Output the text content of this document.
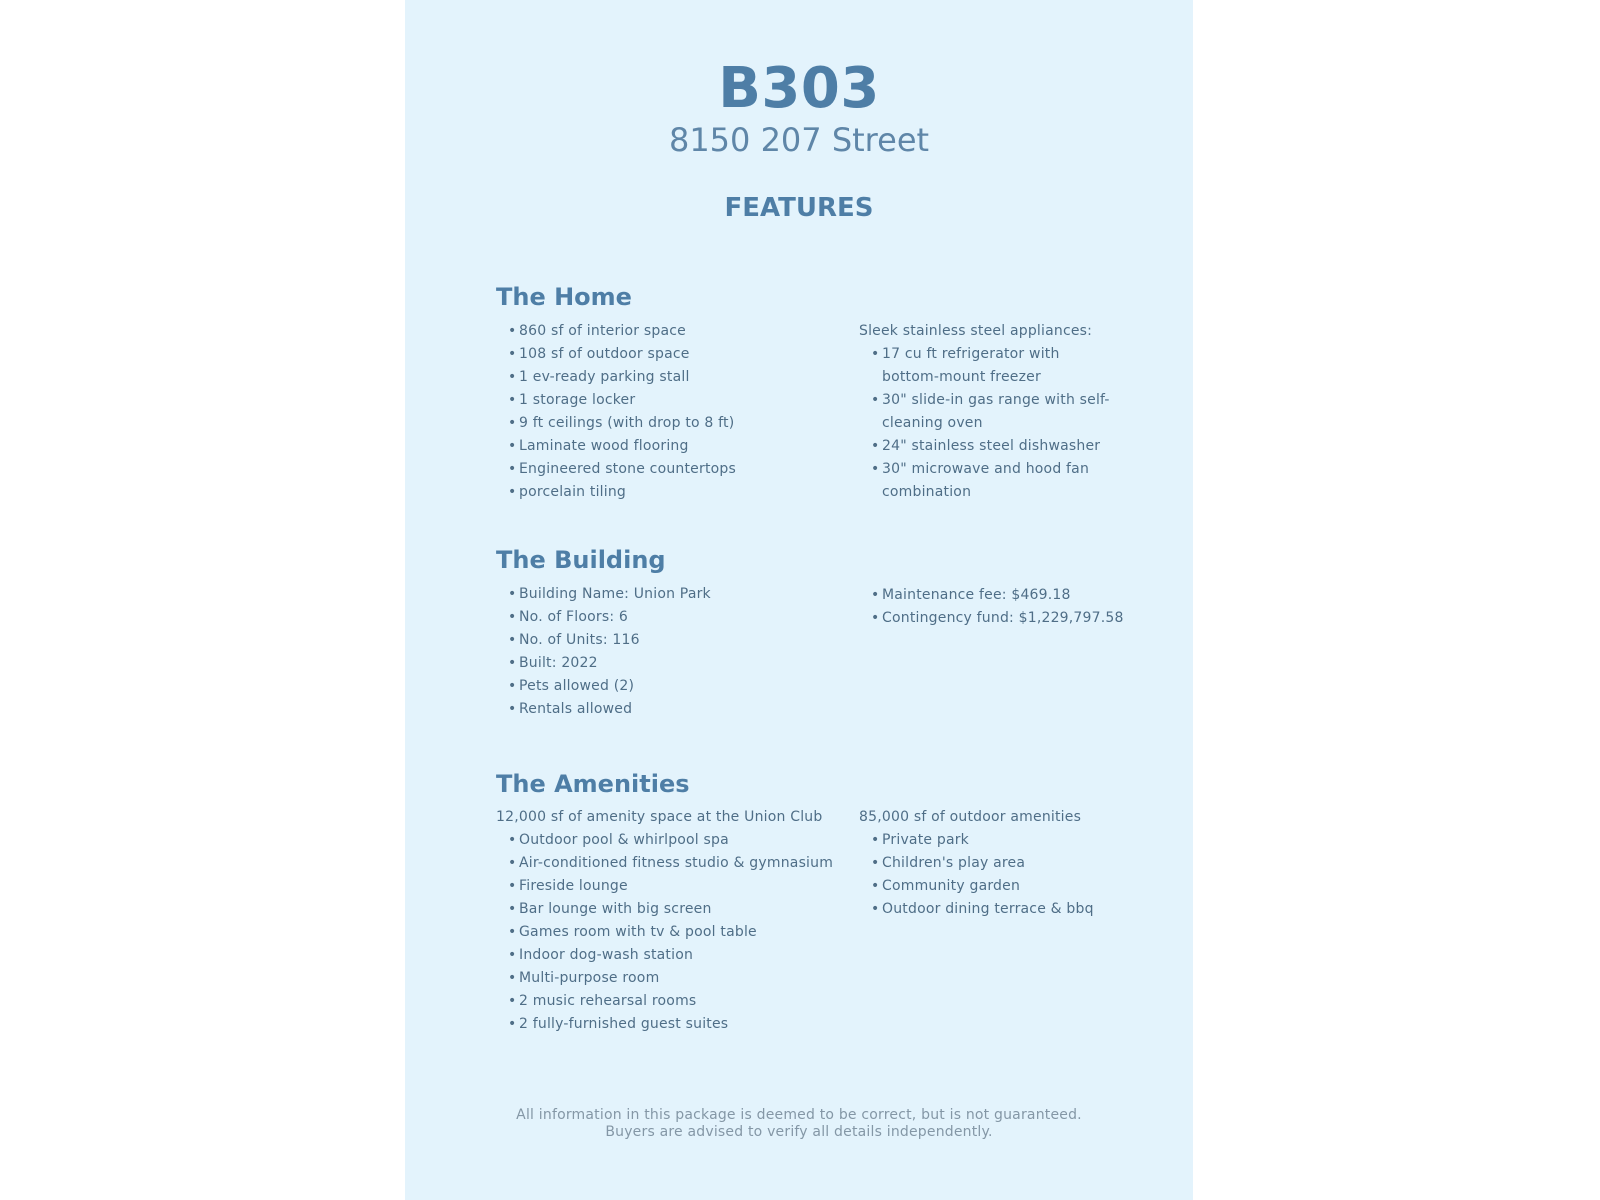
B303
8150 207 Street
FEATURES
The Home
• 860 sf of interior space
• 108 sf of outdoor space
• 1 ev-ready parking stall
• 1 storage locker
• 9 ft ceilings (with drop to 8 ft)
• Laminate wood flooring
• Engineered stone countertops
• porcelain tiling
Sleek stainless steel appliances:
• 17 cu ft refrigerator with bottom-mount freezer
• 30" slide-in gas range with self-cleaning oven
• 24" stainless steel dishwasher
• 30" microwave and hood fan combination
The Building
• Building Name: Union Park
• No. of Floors: 6
• No. of Units: 116
• Built: 2022
• Pets allowed (2)
• Rentals allowed
• Maintenance fee: $469.18
• Contingency fund: $1,229,797.58
The Amenities
12,000 sf of amenity space at the Union Club
• Outdoor pool & whirlpool spa
• Air-conditioned fitness studio & gymnasium
• Fireside lounge
• Bar lounge with big screen
• Games room with tv & pool table
• Indoor dog-wash station
• Multi-purpose room
• 2 music rehearsal rooms
• 2 fully-furnished guest suites
85,000 sf of outdoor amenities
• Private park
• Children's play area
• Community garden
• Outdoor dining terrace & bbq
All information in this package is deemed to be correct, but is not guaranteed.
Buyers are advised to verify all details independently.
